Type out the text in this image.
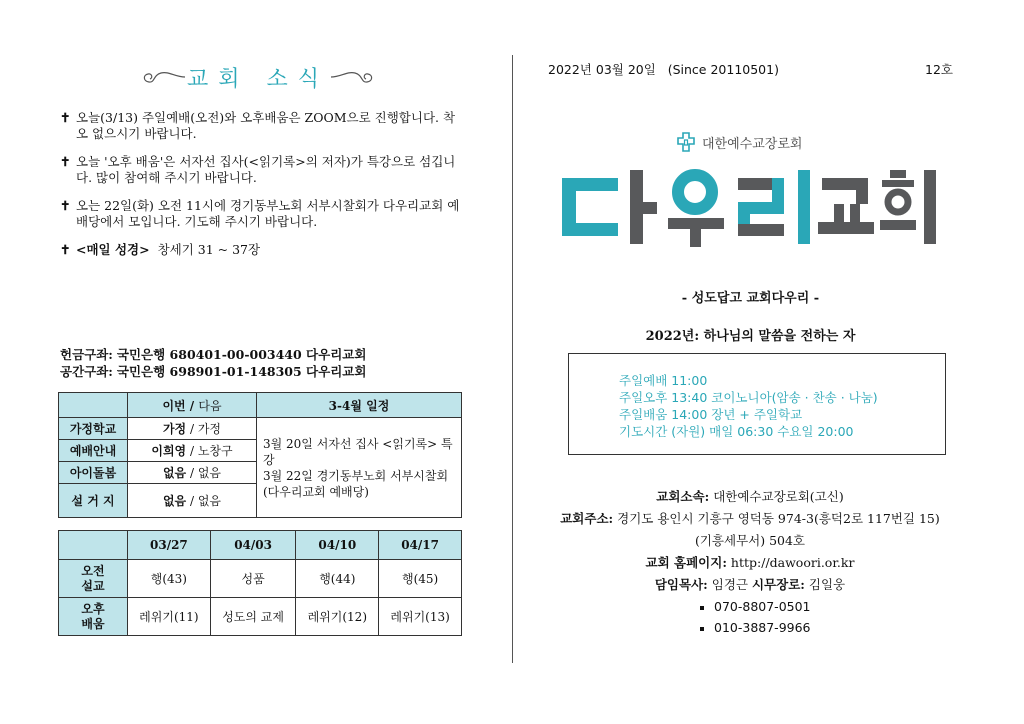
교회 소식
✝ 오늘(3/13) 주일예배(오전)와 오후배움은 ZOOM으로 진행합니다. 착오 없으시기 바랍니다.
✝ 오늘 '오후 배움'은 서자선 집사(<읽기록>의 저자)가 특강으로 섬깁니다. 많이 참여해 주시기 바랍니다.
✝ 오는 22일(화) 오전 11시에 경기동부노회 서부시찰회가 다우리교회 예배당에서 모입니다. 기도해 주시기 바랍니다.
✝ <매일 성경> 창세기 31 ~ 37장
헌금구좌: 국민은행 680401-00-003440 다우리교회
공간구좌: 국민은행 698901-01-148305 다우리교회
	이번 / 다음	3-4월 일정
가정학교	가정 / 가정	3월 20일 서자선 집사 <읽기록> 특강
3월 22일 경기동부노회 서부시찰회(다우리교회 예배당)

예배안내	이희영 / 노창구	
아이돌봄	없음 / 없음	
설 거 지	없음 / 없음	
	03/27	04/03	04/10	04/17

오전
설교	행(43)	성품	행(44)	행(45)

오후
배움	레위기(11)	성도의 교제	레위기(12)	레위기(13)
2022년 03월 20일 (Since 20110501)	12호
대한예수교장로회
- 성도답고 교회다우리 -
2022년: 하나님의 말씀을 전하는 자
주일예배 11:00
주일오후 13:40 코이노니아(암송 · 찬송 · 나눔)
주일배움 14:00 장년 + 주일학교
기도시간 (자원) 매일 06:30 수요일 20:00
교회소속: 대한예수교장로회(고신)
교회주소: 경기도 용인시 기흥구 영덕동 974-3(흥덕2로 117번길 15)
(기흥세무서) 504호
교회 홈페이지: http://dawoori.or.kr
담임목사: 임경근 시무장로: 김일웅
070-8807-0501
010-3887-9966
